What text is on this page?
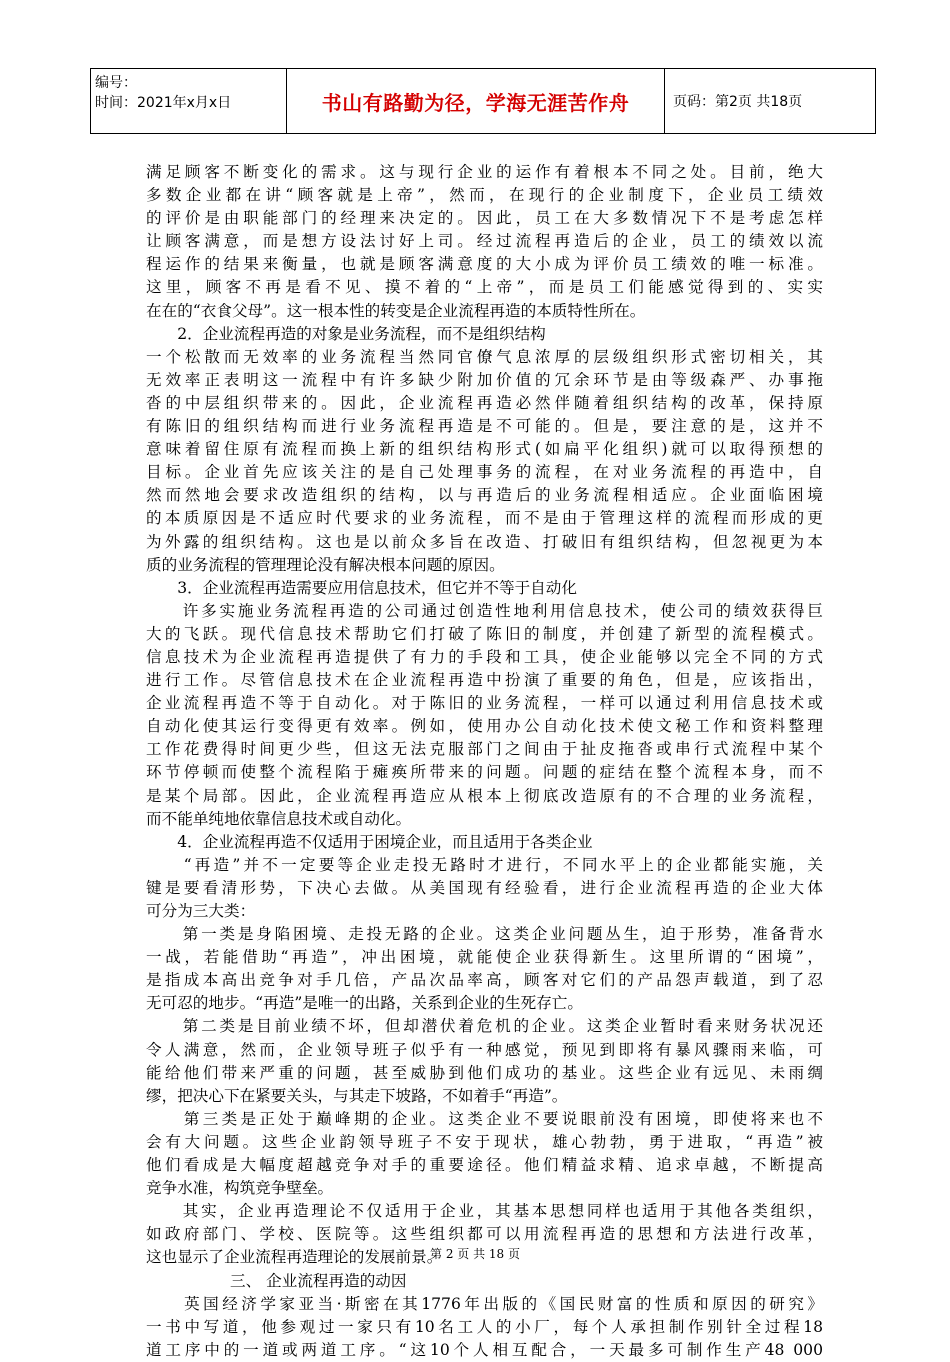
编号：
时间：2021年x月x日	书山有路勤为径，学海无涯苦作舟	页码：第2页 共18页
满足顾客不断变化的需求。这与现行企业的运作有着根本不同之处。目前，绝大
多数企业都在讲“顾客就是上帝”，然而，在现行的企业制度下，企业员工绩效
的评价是由职能部门的经理来决定的。因此，员工在大多数情况下不是考虑怎样
让顾客满意，而是想方设法讨好上司。经过流程再造后的企业，员工的绩效以流
程运作的结果来衡量，也就是顾客满意度的大小成为评价员工绩效的唯一标准。
这里，顾客不再是看不见、摸不着的“上帝”，而是员工们能感觉得到的、实实
在在的“衣食父母”。这一根本性的转变是企业流程再造的本质特性所在。
　　2．企业流程再造的对象是业务流程，而不是组织结构
一个松散而无效率的业务流程当然同官僚气息浓厚的层级组织形式密切相关，其
无效率正表明这一流程中有许多缺少附加价值的冗余环节是由等级森严、办事拖
沓的中层组织带来的。因此，企业流程再造必然伴随着组织结构的改革，保持原
有陈旧的组织结构而进行业务流程再造是不可能的。但是，要注意的是，这并不
意味着留住原有流程而换上新的组织结构形式(如扁平化组织)就可以取得预想的
目标。企业首先应该关注的是自己处理事务的流程，在对业务流程的再造中，自
然而然地会要求改造组织的结构，以与再造后的业务流程相适应。企业面临困境
的本质原因是不适应时代要求的业务流程，而不是由于管理这样的流程而形成的更
为外露的组织结构。这也是以前众多旨在改造、打破旧有组织结构，但忽视更为本
质的业务流程的管理理论没有解决根本问题的原因。
　　3．企业流程再造需要应用信息技术，但它并不等于自动化
　　许多实施业务流程再造的公司通过创造性地利用信息技术，使公司的绩效获得巨
大的飞跃。现代信息技术帮助它们打破了陈旧的制度，并创建了新型的流程模式。
信息技术为企业流程再造提供了有力的手段和工具，使企业能够以完全不同的方式
进行工作。尽管信息技术在企业流程再造中扮演了重要的角色，但是，应该指出，
企业流程再造不等于自动化。对于陈旧的业务流程，一样可以通过利用信息技术或
自动化使其运行变得更有效率。例如，使用办公自动化技术使文秘工作和资料整理
工作花费得时间更少些，但这无法克服部门之间由于扯皮拖沓或串行式流程中某个
环节停顿而使整个流程陷于瘫痪所带来的问题。问题的症结在整个流程本身，而不
是某个局部。因此，企业流程再造应从根本上彻底改造原有的不合理的业务流程，
而不能单纯地依靠信息技术或自动化。
　　4．企业流程再造不仅适用于困境企业，而且适用于各类企业
　　“再造”并不一定要等企业走投无路时才进行，不同水平上的企业都能实施，关
键是要看清形势，下决心去做。从美国现有经验看，进行企业流程再造的企业大体
可分为三大类：
　　第一类是身陷困境、走投无路的企业。这类企业问题丛生，迫于形势，准备背水
一战，若能借助“再造”，冲出困境，就能使企业获得新生。这里所谓的“困境”，
是指成本高出竞争对手几倍，产品次品率高，顾客对它们的产品怨声载道，到了忍
无可忍的地步。“再造”是唯一的出路，关系到企业的生死存亡。
　　第二类是目前业绩不坏，但却潜伏着危机的企业。这类企业暂时看来财务状况还
令人满意，然而，企业领导班子似乎有一种感觉，预见到即将有暴风骤雨来临，可
能给他们带来严重的问题，甚至威胁到他们成功的基业。这些企业有远见、未雨绸
缪，把决心下在紧要关头，与其走下坡路，不如着手“再造”。
　　第三类是正处于巅峰期的企业。这类企业不要说眼前没有困境，即使将来也不
会有大问题。这些企业韵领导班子不安于现状，雄心勃勃，勇于进取，“再造”被
他们看成是大幅度超越竞争对手的重要途径。他们精益求精、追求卓越，不断提高
竞争水准，构筑竞争壁垒。
　　其实，企业再造理论不仅适用于企业，其基本思想同样也适用于其他各类组织，
如政府部门、学校、医院等。这些组织都可以用流程再造的思想和方法进行改革，
这也显示了企业流程再造理论的发展前景。
三、 企业流程再造的动因
　　英国经济学家亚当·斯密在其1776年出版的《国民财富的性质和原因的研究》
一书中写道，他参观过一家只有10名工人的小厂，每个人承担制作别针全过程18
道工序中的一道或两道工序。“这10个人相互配合，一天最多可制作生产48 000
第 2 页 共 18 页
